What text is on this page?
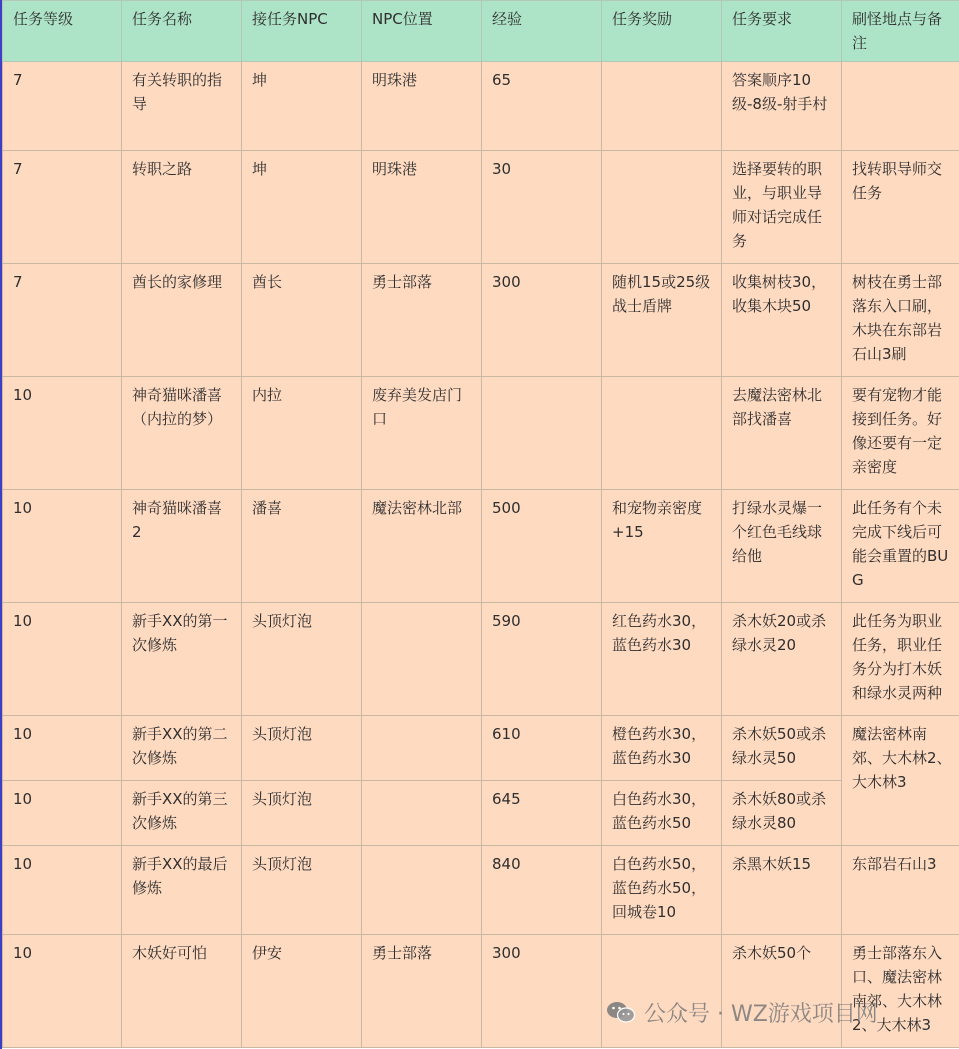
任务等级	任务名称	接任务NPC	NPC位置	经验	任务奖励	任务要求	刷怪地点与备注
7	有关转职的指导	坤	明珠港	65		答案顺序10级-8级-射手村	
7	转职之路	坤	明珠港	30		选择要转的职业，与职业导师对话完成任务	找转职导师交任务
7	酋长的家修理	酋长	勇士部落	300	随机15或25级战士盾牌	收集树枝30，收集木块50	树枝在勇士部落东入口刷，木块在东部岩石山3刷
10	神奇猫咪潘喜（内拉的梦）	内拉	废弃美发店门口			去魔法密林北部找潘喜	要有宠物才能接到任务。好像还要有一定亲密度
10	神奇猫咪潘喜2	潘喜	魔法密林北部	500	和宠物亲密度+15	打绿水灵爆一个红色毛线球给他	此任务有个未完成下线后可能会重置的BUG
10	新手XX的第一次修炼	头顶灯泡		590	红色药水30，蓝色药水30	杀木妖20或杀绿水灵20	此任务为职业任务，职业任务分为打木妖和绿水灵两种
10	新手XX的第二次修炼	头顶灯泡		610	橙色药水30，蓝色药水30	杀木妖50或杀绿水灵50	魔法密林南郊、大木林2、大木林3
10	新手XX的第三次修炼	头顶灯泡		645	白色药水30，蓝色药水50	杀木妖80或杀绿水灵80	
10	新手XX的最后修炼	头顶灯泡		840	白色药水50，蓝色药水50，回城卷10	杀黑木妖15	东部岩石山3
10	木妖好可怕	伊安	勇士部落	300		杀木妖50个	勇士部落东入口、魔法密林南郊、大木林2、大木林3
公众号 · WZ游戏项目网
